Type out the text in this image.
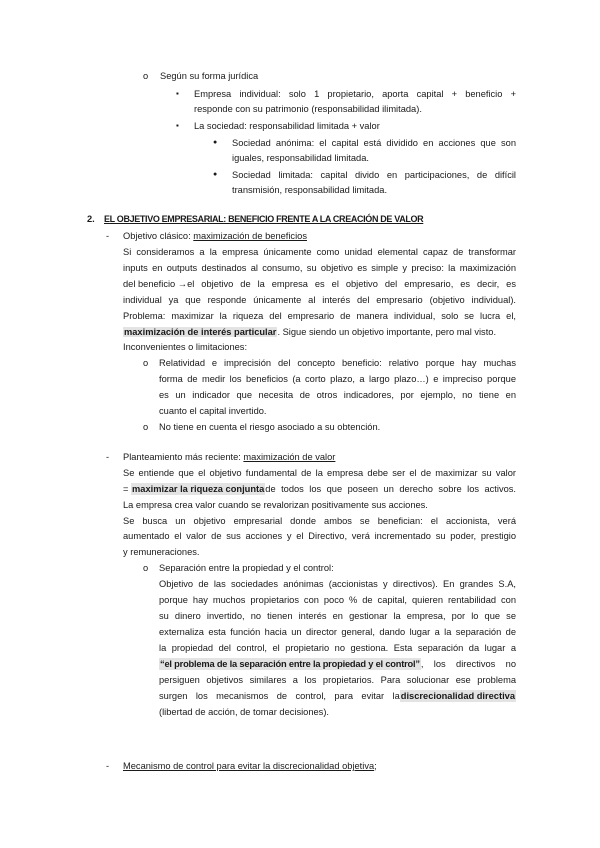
o Según su forma jurídica
▪ Empresa individual: solo 1 propietario, aporta capital + beneficio +
responde con su patrimonio (responsabilidad ilimitada).
▪ La sociedad: responsabilidad limitada + valor
● Sociedad anónima: el capital está dividido en acciones que son
iguales, responsabilidad limitada.
● Sociedad limitada: capital divido en participaciones, de difícil
transmisión, responsabilidad limitada.
2. EL OBJETIVO EMPRESARIAL: BENEFICIO FRENTE A LA CREACIÓN DE VALOR
- Objetivo clásico: maximización de beneficios
Si consideramos a la empresa únicamente como unidad elemental capaz de transformar
inputs en outputs destinados al consumo, su objetivo es simple y preciso: la maximización
del beneficio → el objetivo de la empresa es el objetivo del empresario, es decir, es
individual ya que responde únicamente al interés del empresario (objetivo individual).
Problema: maximizar la riqueza del empresario de manera individual, solo se lucra el,
maximización de interés particular. Sigue siendo un objetivo importante, pero mal visto.
Inconvenientes o limitaciones:
o Relatividad e imprecisión del concepto beneficio: relativo porque hay muchas
forma de medir los beneficios (a corto plazo, a largo plazo…) e impreciso porque
es un indicador que necesita de otros indicadores, por ejemplo, no tiene en
cuanto el capital invertido.
o No tiene en cuenta el riesgo asociado a su obtención.
- Planteamiento más reciente: maximización de valor
Se entiende que el objetivo fundamental de la empresa debe ser el de maximizar su valor
= maximizar la riqueza conjunta de todos los que poseen un derecho sobre los activos.
La empresa crea valor cuando se revalorizan positivamente sus acciones.
Se busca un objetivo empresarial donde ambos se benefician: el accionista, verá
aumentado el valor de sus acciones y el Directivo, verá incrementado su poder, prestigio
y remuneraciones.
o Separación entre la propiedad y el control:
Objetivo de las sociedades anónimas (accionistas y directivos). En grandes S.A,
porque hay muchos propietarios con poco % de capital, quieren rentabilidad con
su dinero invertido, no tienen interés en gestionar la empresa, por lo que se
externaliza esta función hacia un director general, dando lugar a la separación de
la propiedad del control, el propietario no gestiona. Esta separación da lugar a
“el problema de la separación entre la propiedad y el control” , los directivos no
persiguen objetivos similares a los propietarios. Para solucionar ese problema
surgen los mecanismos de control, para evitar la discrecionalidad directiva
(libertad de acción, de tomar decisiones).
- Mecanismo de control para evitar la discrecionalidad objetiva;
